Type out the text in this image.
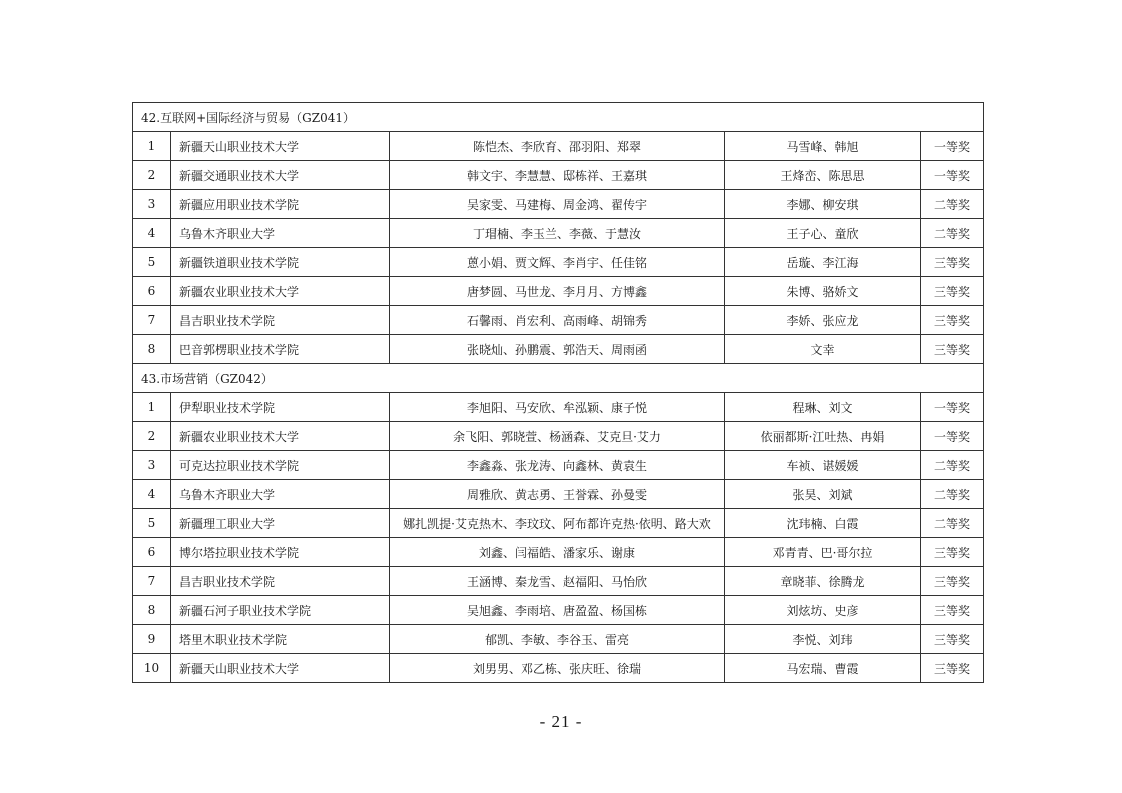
42.互联网+国际经济与贸易（GZ041）				
1	新疆天山职业技术大学	陈恺杰、李欣育、邵羽阳、郑翠	马雪峰、韩旭	一等奖
2	新疆交通职业技术大学	韩文宇、李慧慧、邸栋祥、王嘉琪	王烽峦、陈思思	一等奖
3	新疆应用职业技术学院	吴家雯、马建梅、周金鸿、翟传宇	李娜、柳安琪	二等奖
4	乌鲁木齐职业大学	丁瑁楠、李玉兰、李薇、于慧汝	王子心、童欣	二等奖
5	新疆铁道职业技术学院	蒽小娟、贾文辉、李肖宇、任佳铭	岳璇、李江海	三等奖
6	新疆农业职业技术大学	唐梦圆、马世龙、李月月、方博鑫	朱博、骆娇文	三等奖
7	昌吉职业技术学院	石馨雨、肖宏利、高雨峰、胡锦秀	李娇、张应龙	三等奖
8	巴音郭楞职业技术学院	张晓灿、孙鹏震、郭浩天、周雨函	文幸	三等奖
43.市场营销（GZ042）				
1	伊犁职业技术学院	李旭阳、马安欣、牟泓颖、康子悦	程琳、刘文	一等奖
2	新疆农业职业技术大学	余飞阳、郭晓萱、杨涵森、艾克旦·艾力	依丽都斯·江吐热、冉娟	一等奖
3	可克达拉职业技术学院	李鑫淼、张龙涛、向鑫林、黄袁生	车祯、谌媛媛	二等奖
4	乌鲁木齐职业大学	周雅欣、黄志勇、王誉霖、孙曼雯	张昊、刘斌	二等奖
5	新疆理工职业大学	娜扎凯提·艾克热木、李玟玟、阿布都许克热·依明、路大欢	沈玮楠、白霞	二等奖
6	博尔塔拉职业技术学院	刘鑫、闫福皓、潘家乐、谢康	邓青青、巴·哥尔拉	三等奖
7	昌吉职业技术学院	王涵博、秦龙雪、赵福阳、马怡欣	章晓菲、徐腾龙	三等奖
8	新疆石河子职业技术学院	吴旭鑫、李雨培、唐盈盈、杨国栋	刘炫坊、史彦	三等奖
9	塔里木职业技术学院	郁凯、李敏、李谷玉、雷亮	李悦、刘玮	三等奖
10	新疆天山职业技术大学	刘男男、邓乙栋、张庆旺、徐瑞	马宏瑞、曹霞	三等奖
- 21 -
